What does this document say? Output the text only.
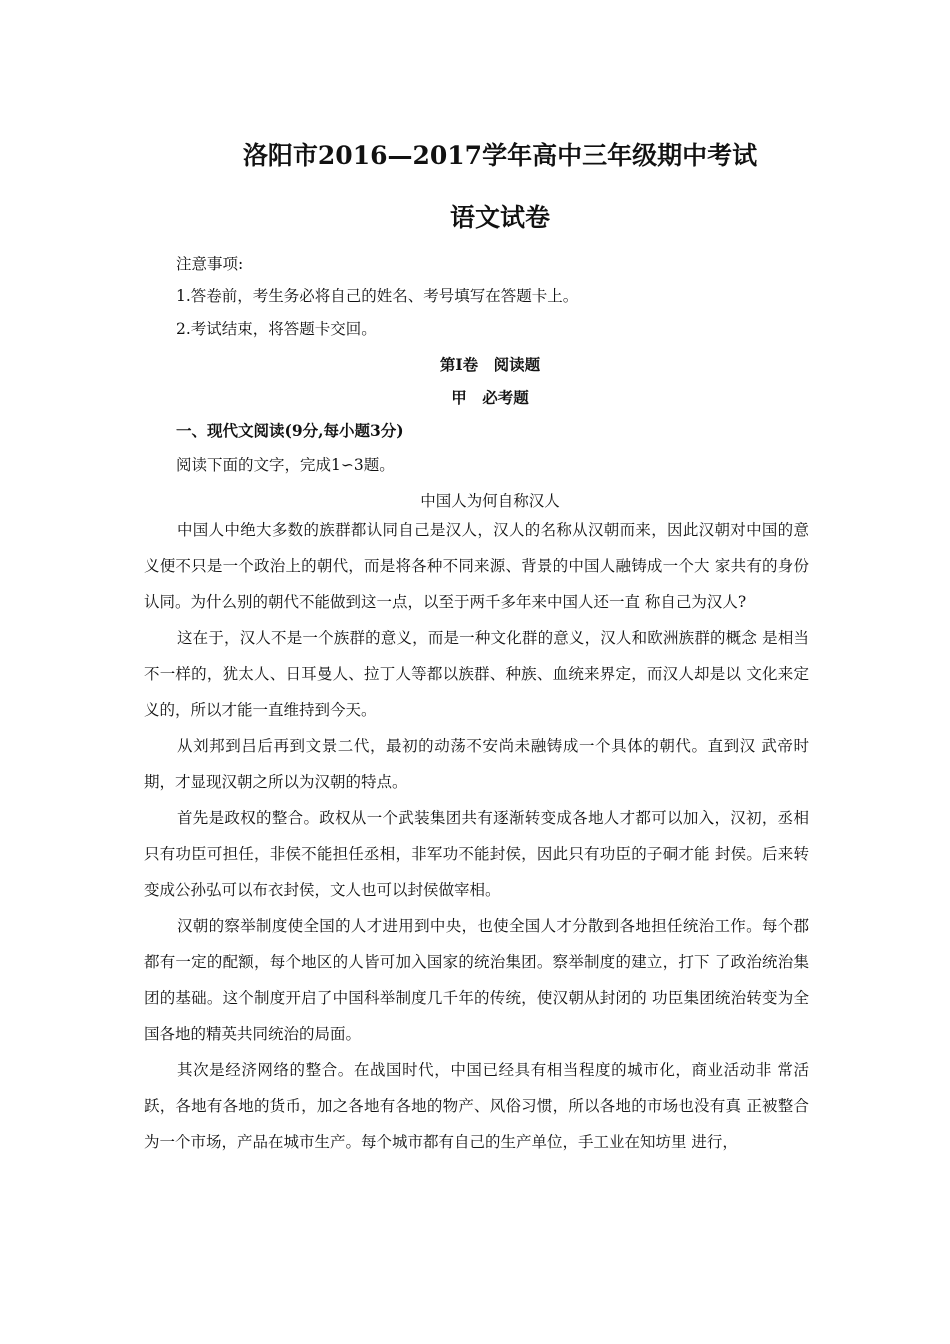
洛阳市2016—2017学年高中三年级期中考试
语文试卷
注意事项:
1.答卷前，考生务必将自己的姓名、考号填写在答题卡上。
2.考试结束，将答题卡交回。
第Ⅰ卷　阅读题
甲　必考题
一、现代文阅读(9分,每小题3分)
阅读下面的文字，完成1∽3题。
中国人为何自称汉人

中国人中绝大多数的族群都认同自己是汉人，汉人的名称从汉朝而来，因此汉朝对中国的意义便不只是一个政治上的朝代，而是将各种不同来源、背景的中国人融铸成一个大 家共有的身份认同。为什么别的朝代不能做到这一点，以至于两千多年来中国人还一直 称自己为汉人?

这在于，汉人不是一个族群的意义，而是一种文化群的意义，汉人和欧洲族群的概念 是相当不一样的，犹太人、日耳曼人、拉丁人等都以族群、种族、血统来界定，而汉人却是以 文化来定义的，所以才能一直维持到今天。

从刘邦到吕后再到文景二代，最初的动荡不安尚未融铸成一个具体的朝代。直到汉 武帝时期，才显现汉朝之所以为汉朝的特点。

首先是政权的整合。政权从一个武装集团共有逐渐转变成各地人才都可以加入，汉初，丞相只有功臣可担任，非侯不能担任丞相，非军功不能封侯，因此只有功臣的子硐才能 封侯。后来转变成公孙弘可以布衣封侯，文人也可以封侯做宰相。

汉朝的察举制度使全国的人才进用到中央，也使全国人才分散到各地担任统治工作。每个郡都有一定的配额，每个地区的人皆可加入国家的统治集团。察举制度的建立，打下 了政治统治集团的基础。这个制度开启了中国科举制度几千年的传统，使汉朝从封闭的 功臣集团统治转变为全国各地的精英共同统治的局面。

其次是经济网络的整合。在战国时代，中国已经具有相当程度的城市化，商业活动非 常活跃，各地有各地的货币，加之各地有各地的物产、风俗习惯，所以各地的市场也没有真 正被整合为一个市场，产品在城市生产。每个城市都有自己的生产单位，手工业在知坊里 进行，
